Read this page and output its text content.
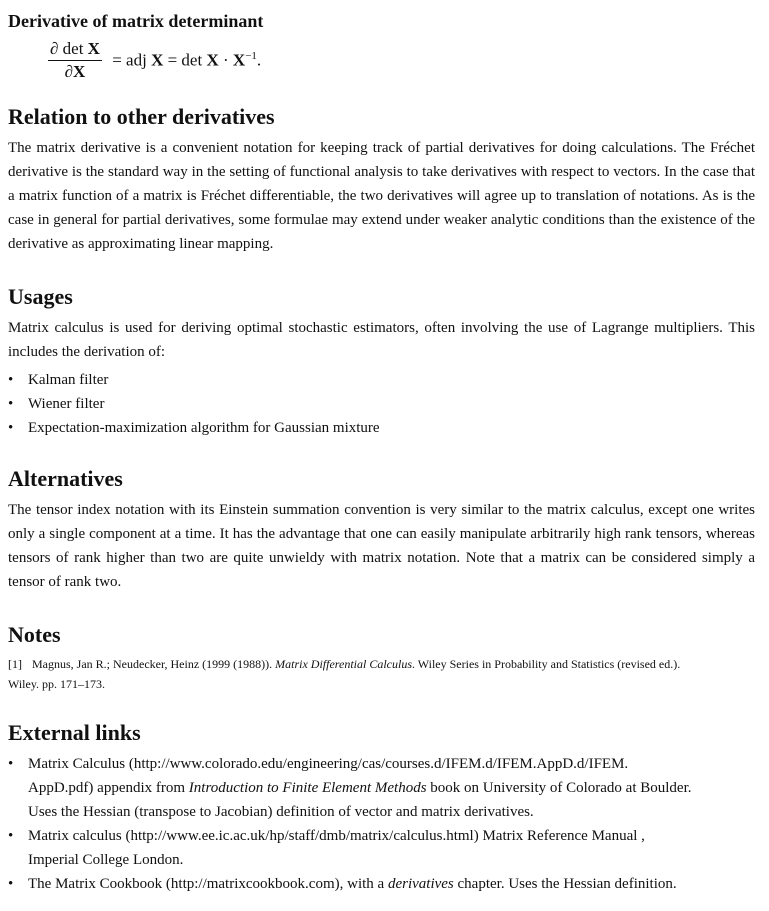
Derivative of matrix determinant
$\frac{\text{∂ det X}}{\partial X}$ = adj $X = \det X \cdot X^{-1}$.
Relation to other derivatives

The matrix derivative is a convenient notation for keeping track of partial derivatives for doing calculations. The Fréchet derivative is the standard way in the setting of functional analysis to take derivatives with respect to vectors. In the case that a matrix function of a matrix is Fréchet differentiable, the two derivatives will agree up to translation of notations. As is the case in general for partial derivatives, some formulae may extend under weaker analytic conditions than the existence of the derivative as approximating linear mapping.

Usages

Matrix calculus is used for deriving optimal stochastic estimators, often involving the use of Lagrange multipliers. This includes the derivation of:

• Kalman filter
• Wiener filter
• Expectation-maximization algorithm for Gaussian mixture
Alternatives

The tensor index notation with its Einstein summation convention is very similar to the matrix calculus, except one writes only a single component at a time. It has the advantage that one can easily manipulate arbitrarily high rank tensors, whereas tensors of rank higher than two are quite unwieldy with matrix notation. Note that a matrix can be considered simply a tensor of rank two.

Notes
[1] Magnus, Jan R.; Neudecker, Heinz (1999 (1988)). Matrix Differential Calculus. Wiley Series in Probability and Statistics (revised ed.).
Wiley. pp. 171–173.
External links
• Matrix Calculus (http://www.colorado.edu/engineering/cas/courses.d/IFEM.d/IFEM.AppD.d/IFEM.
AppD.pdf) appendix from Introduction to Finite Element Methods book on University of Colorado at Boulder.
Uses the Hessian (transpose to Jacobian) definition of vector and matrix derivatives.
• Matrix calculus (http://www.ee.ic.ac.uk/hp/staff/dmb/matrix/calculus.html) Matrix Reference Manual ,
Imperial College London.
• The Matrix Cookbook (http://matrixcookbook.com), with a derivatives chapter. Uses the Hessian definition.
